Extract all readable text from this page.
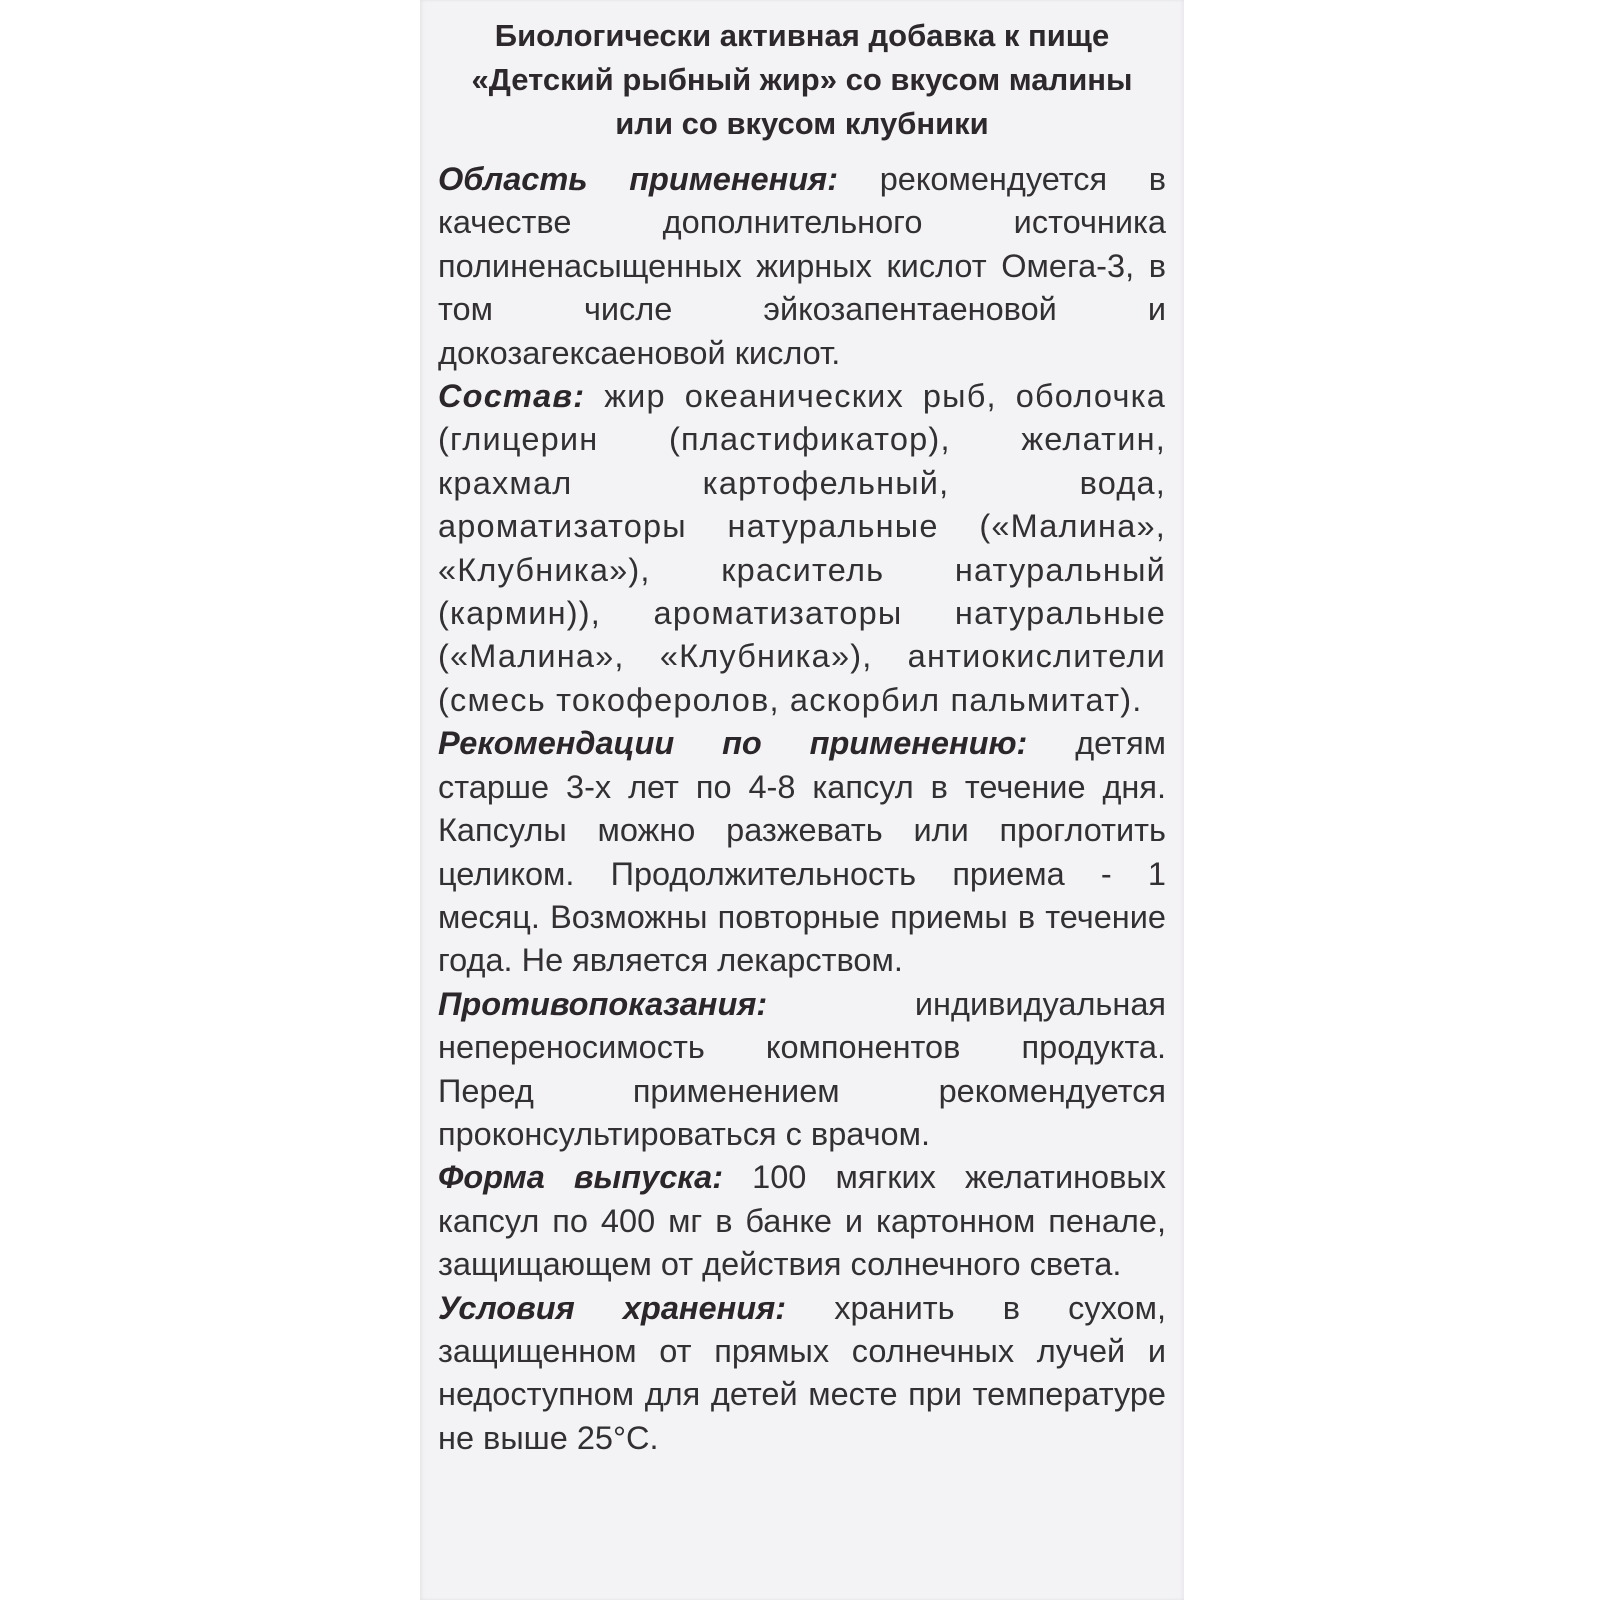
Биологически активная добавка к пище «Детский рыбный жир» со вкусом малины или со вкусом клубники

Область применения: рекомендуется в качестве дополнительного источника полиненасыщенных жирных кислот Омега-3, в том числе эйкозапентаеновой и докозагексаеновой кислот.

Состав: жир океанических рыб, оболочка (глицерин (пластификатор), желатин, крахмал картофельный, вода, ароматизаторы натуральные («Малина», «Клубника»), краситель натуральный (кармин)), ароматизаторы натуральные («Малина», «Клубника»), антиокислители (смесь токоферолов, аскорбил пальмитат).

Рекомендации по применению: детям старше 3-х лет по 4-8 капсул в течение дня. Капсулы можно разжевать или проглотить целиком. Продолжительность приема - 1 месяц. Возможны повторные приемы в течение года. Не является лекарством.

Противопоказания:	индивидуальная непереносимость компонентов продукта. Перед применением рекомендуется проконсультироваться с врачом.

Форма выпуска: 100 мягких желатиновых капсул по 400 мг в банке и картонном пенале, защищающем от действия солнечного света.

Условия хранения: хранить в сухом, защищенном от прямых солнечных лучей и недоступном для детей месте при температуре не выше 25°C.
